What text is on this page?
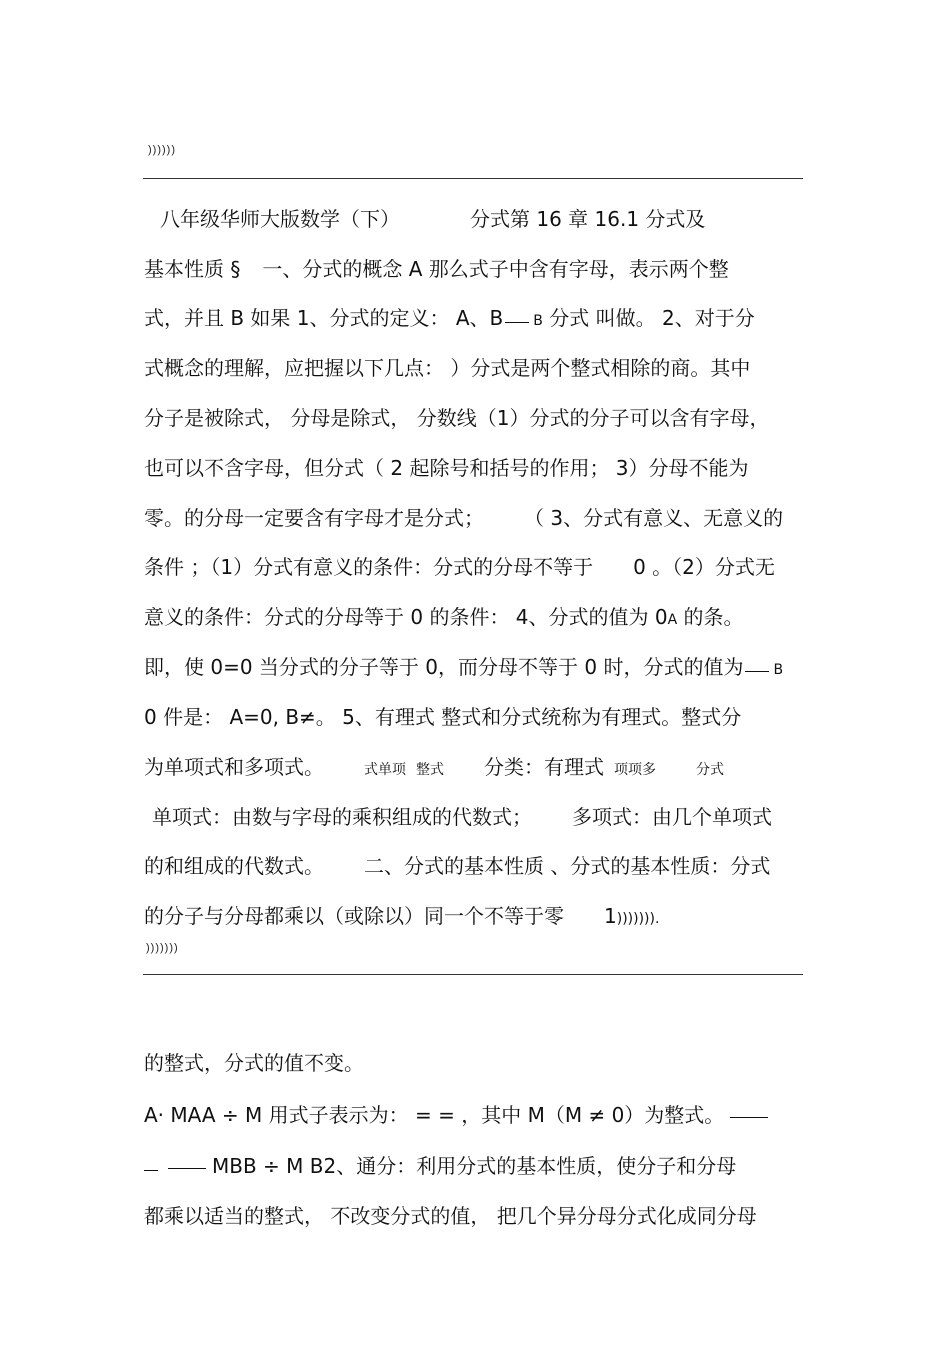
))))))
八年级华师大版数学（下）	分式第 16 章 16.1 分式及
基本性质 § 一、分式的概念 A 那么式子中含有字母，表示两个整
式，并且 B 如果 1、分式的定义： A、B B 分式 叫做。 2、对于分
式概念的理解，应把握以下几点： ）分式是两个整式相除的商。其中
分子是被除式， 分母是除式， 分数线（1）分式的分子可以含有字母，
也可以不含字母，但分式（ 2 起除号和括号的作用； 3）分母不能为
零。的分母一定要含有字母才是分式； （ 3、分式有意义、无意义的
条件 ；（1）分式有意义的条件：分式的分母不等于 0 。（2）分式无
意义的条件：分式的分母等于 0 的条件： 4、分式的值为 0A 的条。
即，使 0=0 当分式的分子等于 0，而分母不等于 0 时，分式的值为 B
0 件是： A=0, B≠。 5、有理式 整式和分式统称为有理式。整式分
为单项式和多项式。	式单项 整式 分类：有理式 项项多	分式
单项式：由数与字母的乘积组成的代数式； 多项式：由几个单项式
的和组成的代数式。 二、分式的基本性质 、分式的基本性质：分式
的分子与分母都乘以（或除以）同一个不等于零 1))))))).
)))))))
的整式，分式的值不变。
A· MAA ÷ M 用式子表示为： = = ，其中 M（M ≠ 0）为整式。
MBB ÷ M B2、通分：利用分式的基本性质，使分子和分母
都乘以适当的整式， 不改变分式的值， 把几个异分母分式化成同分母
